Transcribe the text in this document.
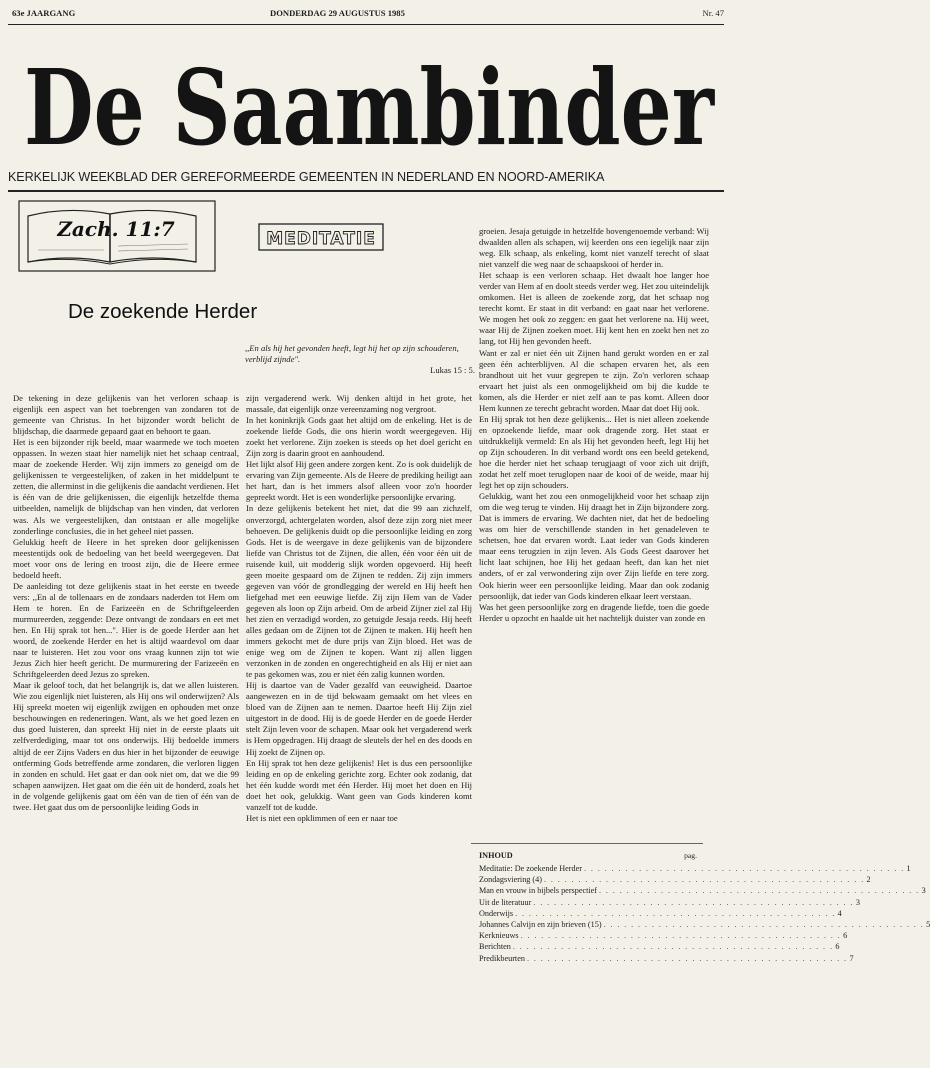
63e JAARGANG	DONDERDAG 29 AUGUSTUS 1985	Nr. 47
De Saambinder
KERKELIJK WEEKBLAD DER GEREFORMEERDE GEMEENTEN IN NEDERLAND EN NOORD-AMERIKA
Zach. 11:7	MEDITATIE
De zoekende Herder
,,En als hij het gevonden heeft, legt hij het op zijn schouderen, verblijd zijnde".
Lukas 15 : 5.

De tekening in deze gelijkenis van het verloren schaap is eigenlijk een aspect van het toebrengen van zondaren tot de gemeente van Christus. In het bijzonder wordt belicht de blijdschap, die daarmede gepaard gaat en behoort te gaan.

Het is een bijzonder rijk beeld, maar waarmede we toch moeten oppassen. In wezen staat hier namelijk niet het schaap centraal, maar de zoekende Herder. Wij zijn immers zo geneigd om de gelijkenissen te vergeestelijken, of zaken in het middelpunt te zetten, die allerminst in die gelijkenis die aandacht verdienen. Het is één van de drie gelijkenissen, die eigenlijk hetzelfde thema uitbeelden, namelijk de blijdschap van hen vinden, dat verloren was. Als we vergeestelijken, dan ontstaan er alle mogelijke zonderlinge conclusies, die in het geheel niet passen.

Gelukkig heeft de Heere in het spreken door gelijkenissen meestentijds ook de bedoeling van het beeld weergegeven. Dat moet voor ons de lering en troost zijn, die de Heere ermee bedoeld heeft.

De aanleiding tot deze gelijkenis staat in het eerste en tweede vers: ,,En al de tollenaars en de zondaars naderden tot Hem om Hem te horen. En de Farizeeën en de Schriftgeleerden murmureerden, zeggende: Deze ontvangt de zondaars en eet met hen. En Hij sprak tot hen...". Hier is de goede Herder aan het woord, de zoekende Herder en het is altijd waardevol om daar naar te luisteren. Het zou voor ons vraag kunnen zijn tot wie Jezus Zich hier heeft gericht. De murmurering der Farizeeën en Schriftgeleerden deed Jezus zo spreken.

Maar ik geloof toch, dat het belangrijk is, dat we allen luisteren. Wie zou eigenlijk niet luisteren, als Hij ons wil onderwijzen? Als Hij spreekt moeten wij eigenlijk zwijgen en ophouden met onze beschouwingen en redeneringen. Want, als we het goed lezen en dus goed luisteren, dan spreekt Hij niet in de eerste plaats uit zelfverdediging, maar tot ons onderwijs. Hij bedoelde immers altijd de eer Zijns Vaders en dus hier in het bijzonder de eeuwige ontferming Gods betreffende arme zondaren, die verloren liggen in zonden en schuld. Het gaat er dan ook niet om, dat we die 99 schapen aanwijzen. Het gaat om die één uit de honderd, zoals het in de volgende gelijkenis gaat om één van de tien of één van de twee. Het gaat dus om de persoonlijke leiding Gods in

zijn vergaderend werk. Wij denken altijd in het grote, het massale, dat eigenlijk onze vereenzaming nog vergroot.

In het koninkrijk Gods gaat het altijd om de enkeling. Het is de zoekende liefde Gods, die ons hierin wordt weergegeven. Hij zoekt het verlorene. Zijn zoeken is steeds op het doel gericht en Zijn zorg is daarin groot en aanhoudend.

Het lijkt alsof Hij geen andere zorgen kent. Zo is ook duidelijk de ervaring van Zijn gemeente. Als de Heere de prediking heiligt aan het hart, dan is het immers alsof alleen voor zo'n hoorder gepreekt wordt. Het is een wonderlijke persoonlijke ervaring.

In deze gelijkenis betekent het niet, dat die 99 aan zichzelf, onverzorgd, achtergelaten worden, alsof deze zijn zorg niet meer behoeven. De gelijkenis duidt op die persoonlijke leiding en zorg Gods. Het is de weergave in deze gelijkenis van de bijzondere liefde van Christus tot de Zijnen, die allen, één voor één uit de ruisende kuil, uit modderig slijk worden opgevoerd. Hij heeft geen moeite gespaard om de Zijnen te redden. Zij zijn immers gegeven van vóór de grondlegging der wereld en Hij heeft hen liefgehad met een eeuwige liefde. Zij zijn Hem van de Vader gegeven als loon op Zijn arbeid. Om de arbeid Zijner ziel zal Hij het zien en verzadigd worden, zo getuigde Jesaja reeds. Hij heeft alles gedaan om de Zijnen tot de Zijnen te maken. Hij heeft hen immers gekocht met de dure prijs van Zijn bloed. Het was de enige weg om de Zijnen te kopen. Want zij allen liggen verzonken in de zonden en ongerechtigheid en als Hij er niet aan te pas gekomen was, zou er niet één zalig kunnen worden.

Hij is daartoe van de Vader gezalfd van eeuwigheid. Daartoe aangewezen en in de tijd bekwaam gemaakt om het vlees en bloed van de Zijnen aan te nemen. Daartoe heeft Hij Zijn ziel uitgestort in de dood. Hij is de goede Herder en de goede Herder stelt Zijn leven voor de schapen. Maar ook het vergaderend werk is Hem opgedragen. Hij draagt de sleutels der hel en des doods en Hij zoekt de Zijnen op.

En Hij sprak tot hen deze gelijkenis! Het is dus een persoonlijke leiding en op de enkeling gerichte zorg. Echter ook zodanig, dat het één kudde wordt met één Herder. Hij moet het doen en Hij doet het ook, gelukkig. Want geen van Gods kinderen komt vanzelf tot de kudde.

Het is niet een opklimmen of een er naar toe

groeien. Jesaja getuigde in hetzelfde bovengenoemde verband: Wij dwaalden allen als schapen, wij keerden ons een iegelijk naar zijn weg. Elk schaap, als enkeling, komt niet vanzelf terecht of slaat niet vanzelf die weg naar de schaapskooi of herder in.

Het schaap is een verloren schaap. Het dwaalt hoe langer hoe verder van Hem af en doolt steeds verder weg. Het zou uiteindelijk omkomen. Het is alleen de zoekende zorg, dat het schaap nog terecht komt. Er staat in dit verband: en gaat naar het verlorene. We mogen het ook zo zeggen: en gaat het verlorene na. Hij weet, waar Hij de Zijnen zoeken moet. Hij kent hen en zoekt hen net zo lang, tot Hij hen gevonden heeft.

Want er zal er niet één uit Zijnen hand gerukt worden en er zal geen één achterblijven. Al die schapen ervaren het, als een brandhout uit het vuur gegrepen te zijn. Zo'n verloren schaap ervaart het juist als een onmogelijkheid om bij die kudde te komen, als die Herder er niet zelf aan te pas komt. Alleen door Hem kunnen ze terecht gebracht worden. Maar dat doet Hij ook.

En Hij sprak tot hen deze gelijkenis... Het is niet alleen zoekende en opzoekende liefde, maar ook dragende zorg. Het staat er uitdrukkelijk vermeld: En als Hij het gevonden heeft, legt Hij het op Zijn schouderen. In dit verband wordt ons een beeld getekend, hoe die herder niet het schaap terugjaagt of voor zich uit drijft, zodat het zelf moet teruglopen naar de kooi of de weide, maar hij legt het op zijn schouders.

Gelukkig, want het zou een onmogelijkheid voor het schaap zijn om die weg terug te vinden. Hij draagt het in Zijn bijzondere zorg. Dat is immers de ervaring. We dachten niet, dat het de bedoeling was om hier de verschillende standen in het genadeleven te schetsen, hoe dat ervaren wordt. Laat ieder van Gods kinderen maar eens terugzien in zijn leven. Als Gods Geest daarover het licht laat schijnen, hoe Hij het gedaan heeft, dan kan het niet anders, of er zal verwondering zijn over Zijn liefde en tere zorg. Ook hierin weer een persoonlijke leiding. Maar dan ook zodanig persoonlijk, dat ieder van Gods kinderen elkaar leert verstaan.

Was het geen persoonlijke zorg en dragende liefde, toen die goede Herder u opzocht en haalde uit het nachtelijk duister van zonde en

INHOUD	pag.
Meditatie: De zoekende Herder . . .	1
Zondagsviering (4) . . .	2
Man en vrouw in bijbels perspectief . . .	3
Uit de literatuur . . .	3
Onderwijs . . .	4
Johannes Calvijn en zijn brieven (15) . . .	5
Kerknieuws . . .	6
Berichten . . .	6
Predikbeurten . . .	7
